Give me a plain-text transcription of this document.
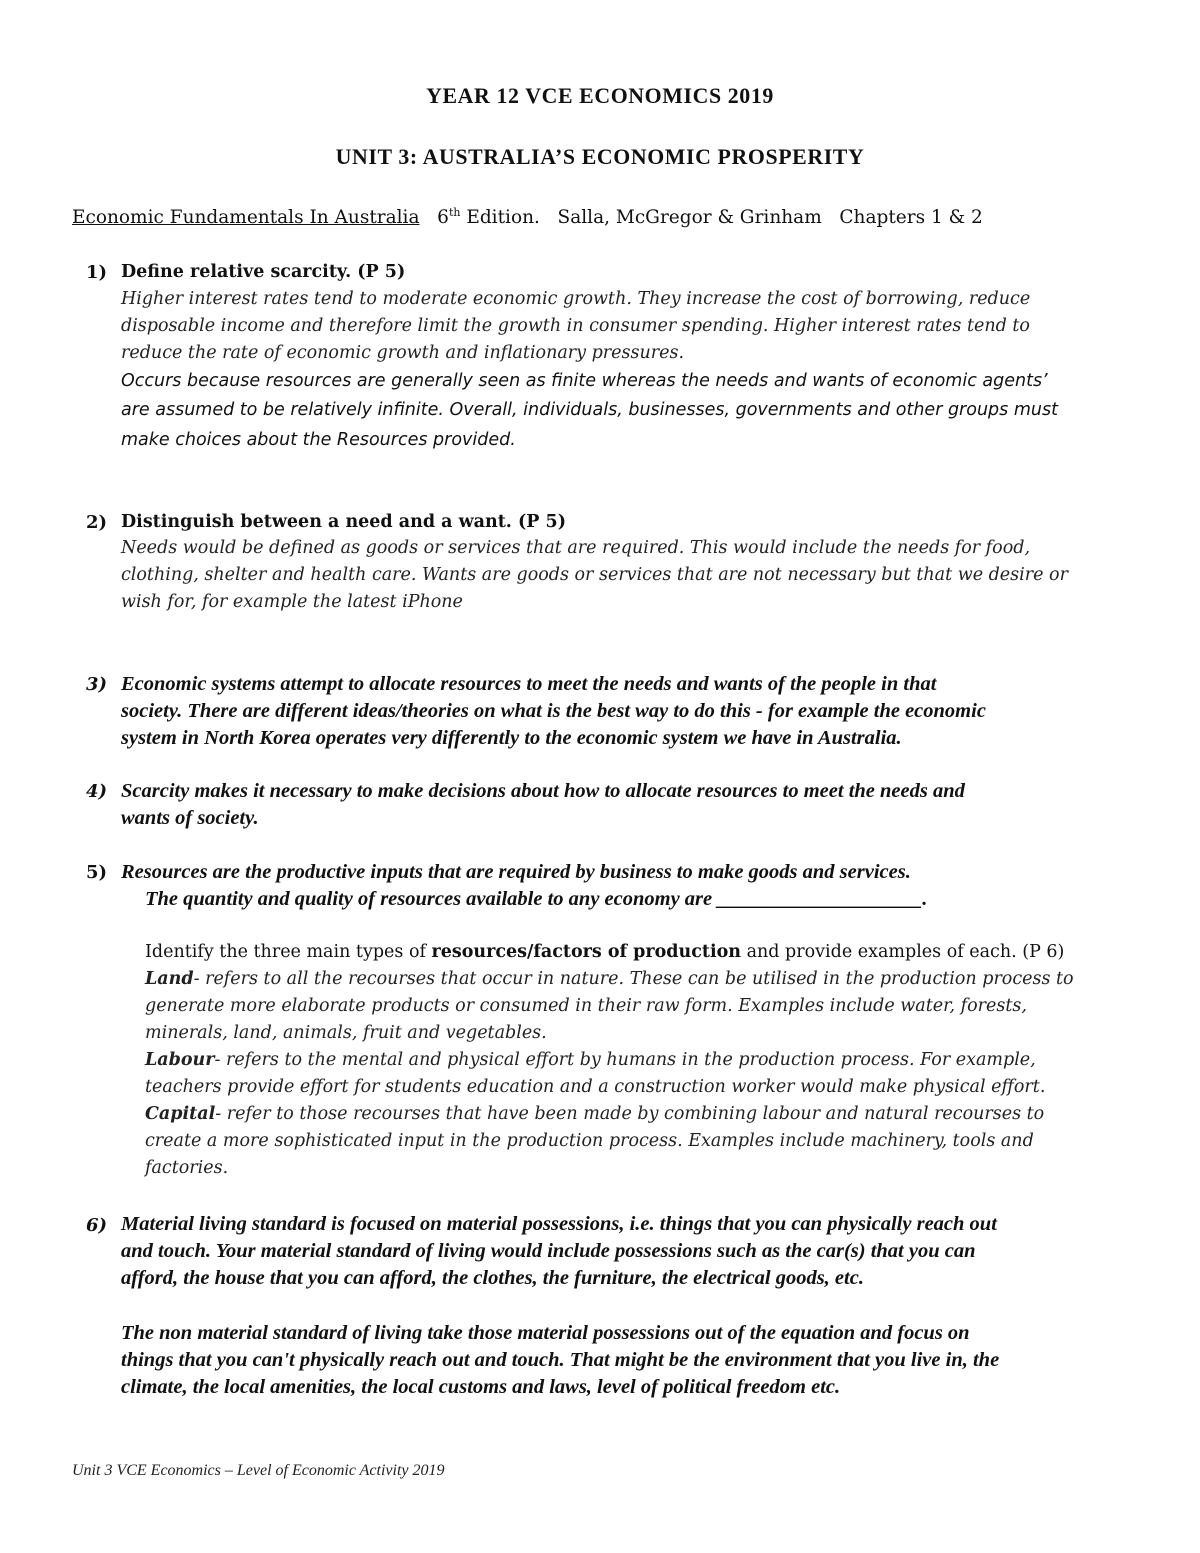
YEAR 12 VCE ECONOMICS 2019
UNIT 3: AUSTRALIA’S ECONOMIC PROSPERITY
Economic Fundamentals In Australia 6th Edition. Salla, McGregor & Grinham Chapters 1 & 2
1) Define relative scarcity. (P 5)
Higher interest rates tend to moderate economic growth. They increase the cost of borrowing, reduce
disposable income and therefore limit the growth in consumer spending. Higher interest rates tend to
reduce the rate of economic growth and inflationary pressures.
Occurs because resources are generally seen as finite whereas the needs and wants of economic agents’
are assumed to be relatively infinite. Overall, individuals, businesses, governments and other groups must
make choices about the Resources provided.
2) Distinguish between a need and a want. (P 5)
Needs would be defined as goods or services that are required. This would include the needs for food,
clothing, shelter and health care. Wants are goods or services that are not necessary but that we desire or
wish for, for example the latest iPhone
3) Economic systems attempt to allocate resources to meet the needs and wants of the people in that
society. There are different ideas/theories on what is the best way to do this - for example the economic
system in North Korea operates very differently to the economic system we have in Australia.
4) Scarcity makes it necessary to make decisions about how to allocate resources to meet the needs and
wants of society.
5) Resources are the productive inputs that are required by business to make goods and services.
The quantity and quality of resources available to any economy are ____________________.
Identify the three main types of resources/factors of production and provide examples of each. (P 6)
Land- refers to all the recourses that occur in nature. These can be utilised in the production process to
generate more elaborate products or consumed in their raw form. Examples include water, forests,
minerals, land, animals, fruit and vegetables.
Labour- refers to the mental and physical effort by humans in the production process. For example,
teachers provide effort for students education and a construction worker would make physical effort.
Capital- refer to those recourses that have been made by combining labour and natural recourses to
create a more sophisticated input in the production process. Examples include machinery, tools and
factories.
6) Material living standard is focused on material possessions, i.e. things that you can physically reach out
and touch. Your material standard of living would include possessions such as the car(s) that you can
afford, the house that you can afford, the clothes, the furniture, the electrical goods, etc.
The non material standard of living take those material possessions out of the equation and focus on
things that you can't physically reach out and touch. That might be the environment that you live in, the
climate, the local amenities, the local customs and laws, level of political freedom etc.
Unit 3 VCE Economics – Level of Economic Activity 2019
